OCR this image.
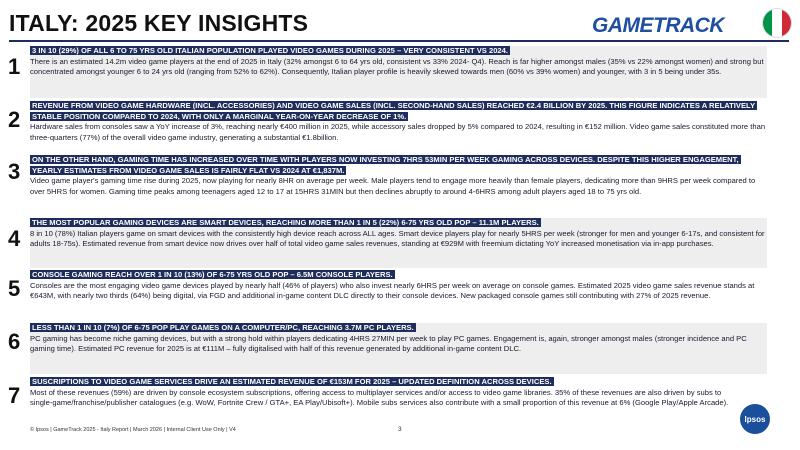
ITALY: 2025 KEY INSIGHTS	GAMETRACK
1
3 IN 10 (29%) OF ALL 6 TO 75 YRS OLD ITALIAN POPULATION PLAYED VIDEO GAMES DURING 2025 – VERY CONSISTENT VS 2024.
There is an estimated 14.2m video game players at the end of 2025 in Italy (32% amongst 6 to 64 yrs old, consistent vs 33% 2024- Q4). Reach is far higher amongst males (35% vs 22% amongst women) and strong but concentrated amongst younger 6 to 24 yrs old (ranging from 52% to 62%). Consequently, Italian player profile is heavily skewed towards men (60% vs 39% women) and younger, with 3 in 5 being under 35s.
2
REVENUE FROM VIDEO GAME HARDWARE (INCL. ACCESSORIES) AND VIDEO GAME SALES (INCL. SECOND-HAND SALES) REACHED €2.4 BILLION BY 2025. THIS FIGURE INDICATES A RELATIVELY STABLE POSITION COMPARED TO 2024, WITH ONLY A MARGINAL YEAR-ON-YEAR DECREASE OF 1%.
Hardware sales from consoles saw a YoY increase of 3%, reaching nearly €400 million in 2025, while accessory sales dropped by 5% compared to 2024, resulting in €152 million. Video game sales constituted more than three-quarters (77%) of the overall video game industry, generating a substantial €1.8billion.
3 ON THE OTHER HAND, GAMING TIME HAS INCREASED OVER TIME WITH PLAYERS NOW INVESTING 7HRS 53MIN PER WEEK GAMING ACROSS DEVICES. DESPITE THIS HIGHER ENGAGEMENT, YEARLY ESTIMATES FROM VIDEO GAME SALES IS FAIRLY FLAT VS 2024 AT €1,837M.
Video game player's gaming time rise during 2025, now playing for nearly 8HR on average per week. Male players tend to engage more heavily than female players, dedicating more than 9HRS per week compared to over 5HRS for women. Gaming time peaks among teenagers aged 12 to 17 at 15HRS 31MIN but then declines abruptly to around 4-6HRS among adult players aged 18 to 75 yrs old.
4
THE MOST POPULAR GAMING DEVICES ARE SMART DEVICES, REACHING MORE THAN 1 IN 5 (22%) 6-75 YRS OLD POP – 11.1M PLAYERS.
8 in 10 (78%) Italian players game on smart devices with the consistently high device reach across ALL ages. Smart device players play for nearly 5HRS per week (stronger for men and younger 6-17s, and consistent for adults 18-75s). Estimated revenue from smart device now drives over half of total video game sales revenues, standing at €929M with freemium dictating YoY increased monetisation via in-app purchases.
5
CONSOLE GAMING REACH OVER 1 IN 10 (13%) OF 6-75 YRS OLD POP – 6.5M CONSOLE PLAYERS.
Consoles are the most engaging video game devices played by nearly half (46% of players) who also invest nearly 6HRS per week on average on console games. Estimated 2025 video game sales revenue stands at €643M, with nearly two thirds (64%) being digital, via FGD and additional in-game content DLC directly to their console devices. New packaged console games still contributing with 27% of 2025 revenue.
6
LESS THAN 1 IN 10 (7%) OF 6-75 POP PLAY GAMES ON A COMPUTER/PC, REACHING 3.7M PC PLAYERS.
PC gaming has become niche gaming devices, but with a strong hold within players dedicating 4HRS 27MIN per week to play PC games. Engagement is, again, stronger amongst males (stronger incidence and PC gaming time). Estimated PC revenue for 2025 is at €111M – fully digitalised with half of this revenue generated by additional in-game content DLC.
7
SUSCRIPTIONS TO VIDEO GAME SERVICES DRIVE AN ESTIMATED REVENUE OF €153M FOR 2025 – UPDATED DEFINITION ACROSS DEVICES.
Most of these revenues (59%) are driven by console ecosystem subscriptions, offering access to multiplayer services and/or access to video game libraries. 35% of these revenues are also driven by subs to single-game/franchise/publisher catalogues (e.g. WoW, Fortnite Crew / GTA+, EA Play/Ubisoft+). Mobile subs services also contribute with a small proportion of this revenue at 6% (Google Play/Apple Arcade).
© Ipsos | GameTrack 2025 - Italy Report | March 2026 | Internal Client Use Only | V4	3
Ipsos
